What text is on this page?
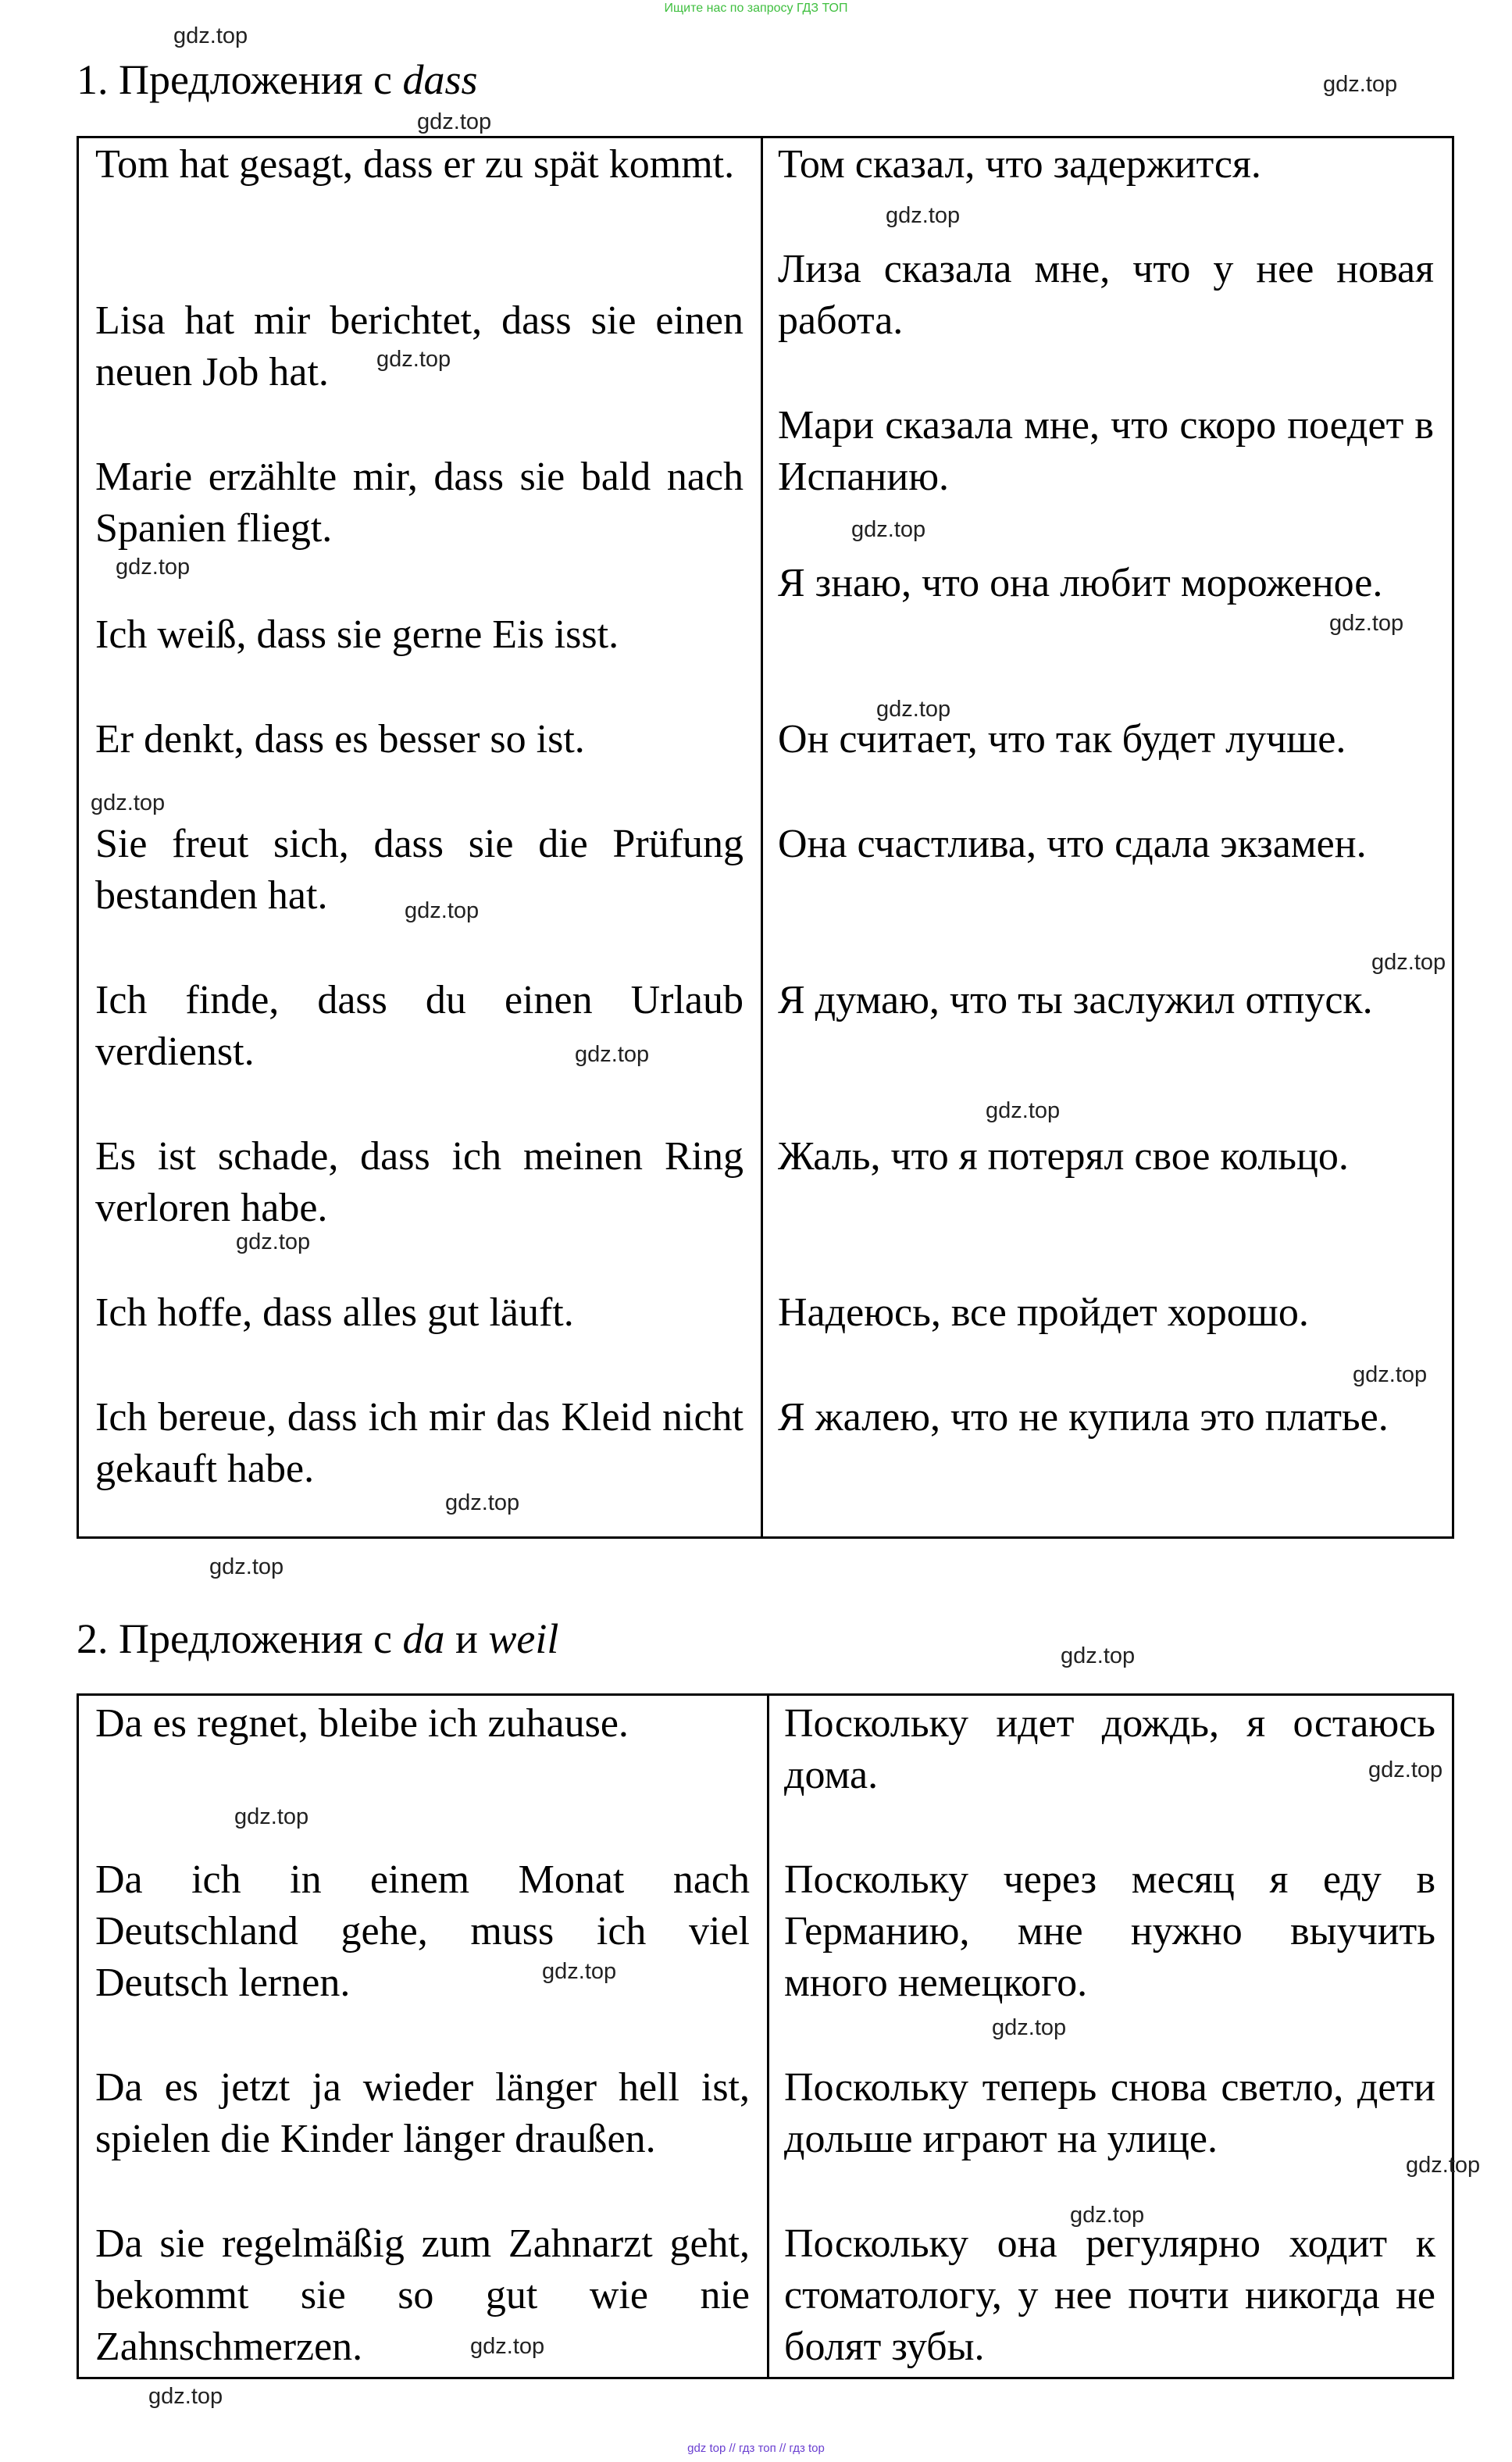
Ищите нас по запросу ГДЗ ТОП
1. Предложения с dass
Tom hat gesagt, dass er zu spät kommt. Том сказал, что задержится.
Lisa hat mir berichtet, dass sie einen neuen Job hat.
Лиза сказала мне, что у нее новая работа.
Marie erzählte mir, dass sie bald nach Spanien fliegt.
Мари сказала мне, что скоро поедет в Испанию.
Ich weiß, dass sie gerne Eis isst.
Я знаю, что она любит мороженое.
Er denkt, dass es besser so ist.	Он считает, что так будет лучше.
Sie freut sich, dass sie die Prüfung bestanden hat.
Она счастлива, что сдала экзамен.
Ich finde, dass du einen Urlaub verdienst.
Я думаю, что ты заслужил отпуск.
Es ist schade, dass ich meinen Ring verloren habe.
Жаль, что я потерял свое кольцо.
Ich hoffe, dass alles gut läuft.	Надеюсь, все пройдет хорошо.
Ich bereue, dass ich mir das Kleid nicht gekauft habe.
Я жалею, что не купила это платье.
2. Предложения с da и weil
Da es regnet, bleibe ich zuhause.	Поскольку идет дождь, я остаюсь дома.
Da ich in einem Monat nach Deutschland gehe, muss ich viel Deutsch lernen.
Поскольку через месяц я еду в Германию, мне нужно выучить много немецкого.
Da es jetzt ja wieder länger hell ist, spielen die Kinder länger draußen.
Поскольку теперь снова светло, дети дольше играют на улице.
Da sie regelmäßig zum Zahnarzt geht, bekommt sie so gut wie nie Zahnschmerzen.
Поскольку она регулярно ходит к стоматологу, у нее почти никогда не болят зубы.
gdz.top
gdz.top
gdz.top
gdz.top
gdz.top
gdz.top
gdz.top
gdz.top
gdz.top
gdz.top
gdz.top
gdz.top
gdz.top
gdz.top
gdz.top
gdz.top
gdz.top
gdz.top
gdz.top
gdz.top
gdz.top
gdz.top
gdz.top
gdz.top
gdz.top
gdz.top
gdz.top
gdz top // гдз топ // гдз top
